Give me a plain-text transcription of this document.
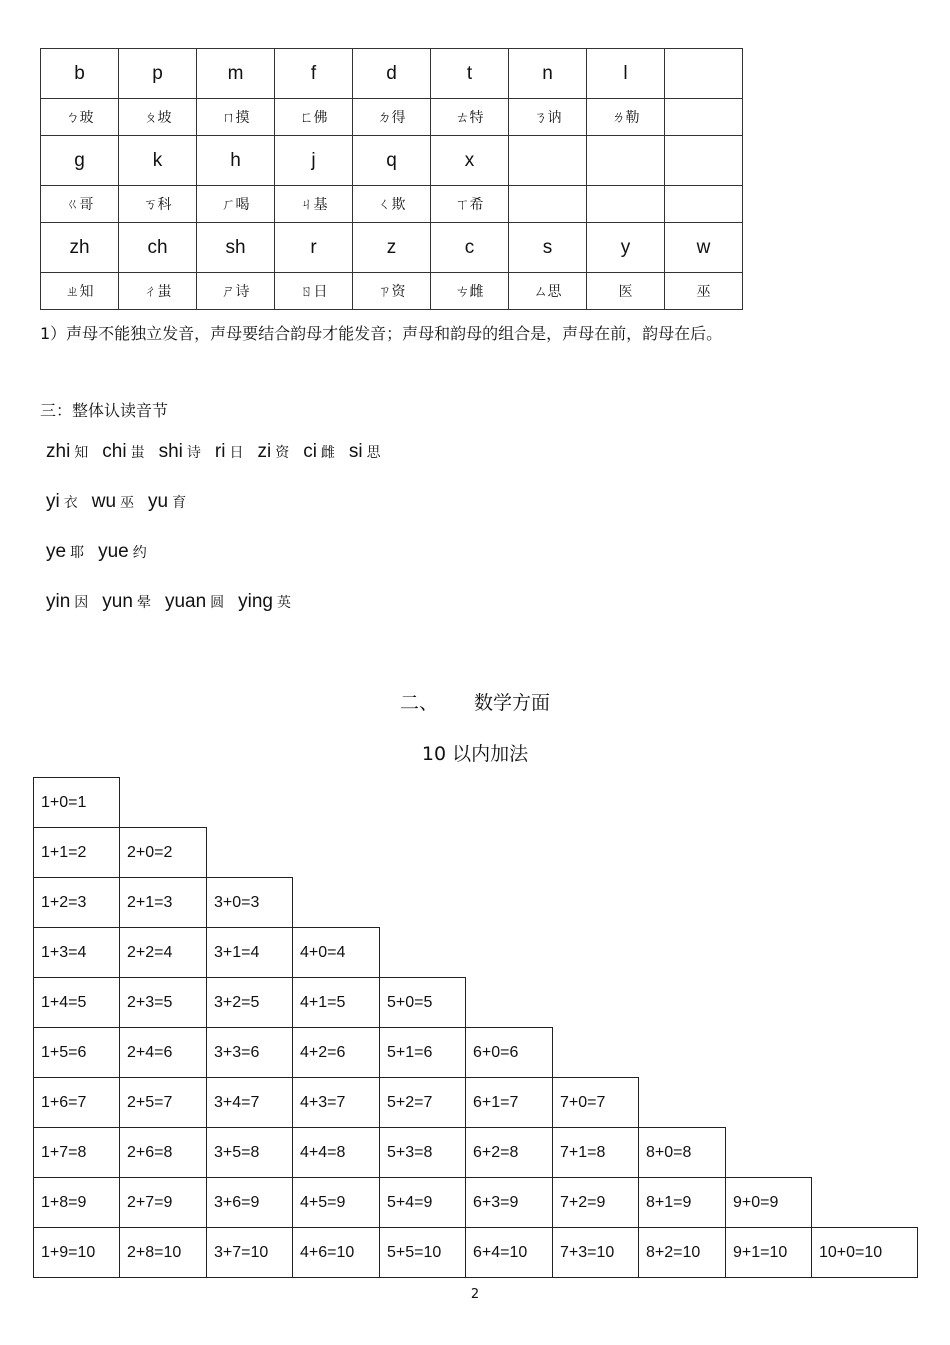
b	p	m	f	d	t	n	l	
ㄅ玻	ㄆ坡	ㄇ摸	ㄈ佛	ㄉ得	ㄊ特	ㄋ讷	ㄌ勒	
g	k	h	j	q	x			
ㄍ哥	ㄎ科	ㄏ喝	ㄐ基	ㄑ欺	ㄒ希			
zh	ch	sh	r	z	c	s	y	w
ㄓ知	ㄔ蚩	ㄕ诗	ㄖ日	ㄗ资	ㄘ雌	ㄙ思	医	巫
1）声母不能独立发音，声母要结合韵母才能发音；声母和韵母的组合是，声母在前，韵母在后。
三：整体认读音节
zhi 知 chi 蚩 shi 诗 ri 日 zi 资 ci 雌 si 思
yi 衣 wu 巫 yu 育
ye 耶 yue 约
yin 因 yun 晕 yuan 圆 ying 英
二、 数学方面
10 以内加法
1+0=1
1+1=2	2+0=2
1+2=3	2+1=3	3+0=3
1+3=4	2+2=4	3+1=4	4+0=4
1+4=5	2+3=5	3+2=5	4+1=5	5+0=5
1+5=6	2+4=6	3+3=6	4+2=6	5+1=6	6+0=6
1+6=7	2+5=7	3+4=7	4+3=7	5+2=7	6+1=7	7+0=7
1+7=8	2+6=8	3+5=8	4+4=8	5+3=8	6+2=8	7+1=8	8+0=8
1+8=9	2+7=9	3+6=9	4+5=9	5+4=9	6+3=9	7+2=9	8+1=9	9+0=9
1+9=10	2+8=10	3+7=10	4+6=10	5+5=10	6+4=10	7+3=10	8+2=10	9+1=10	10+0=10
2
